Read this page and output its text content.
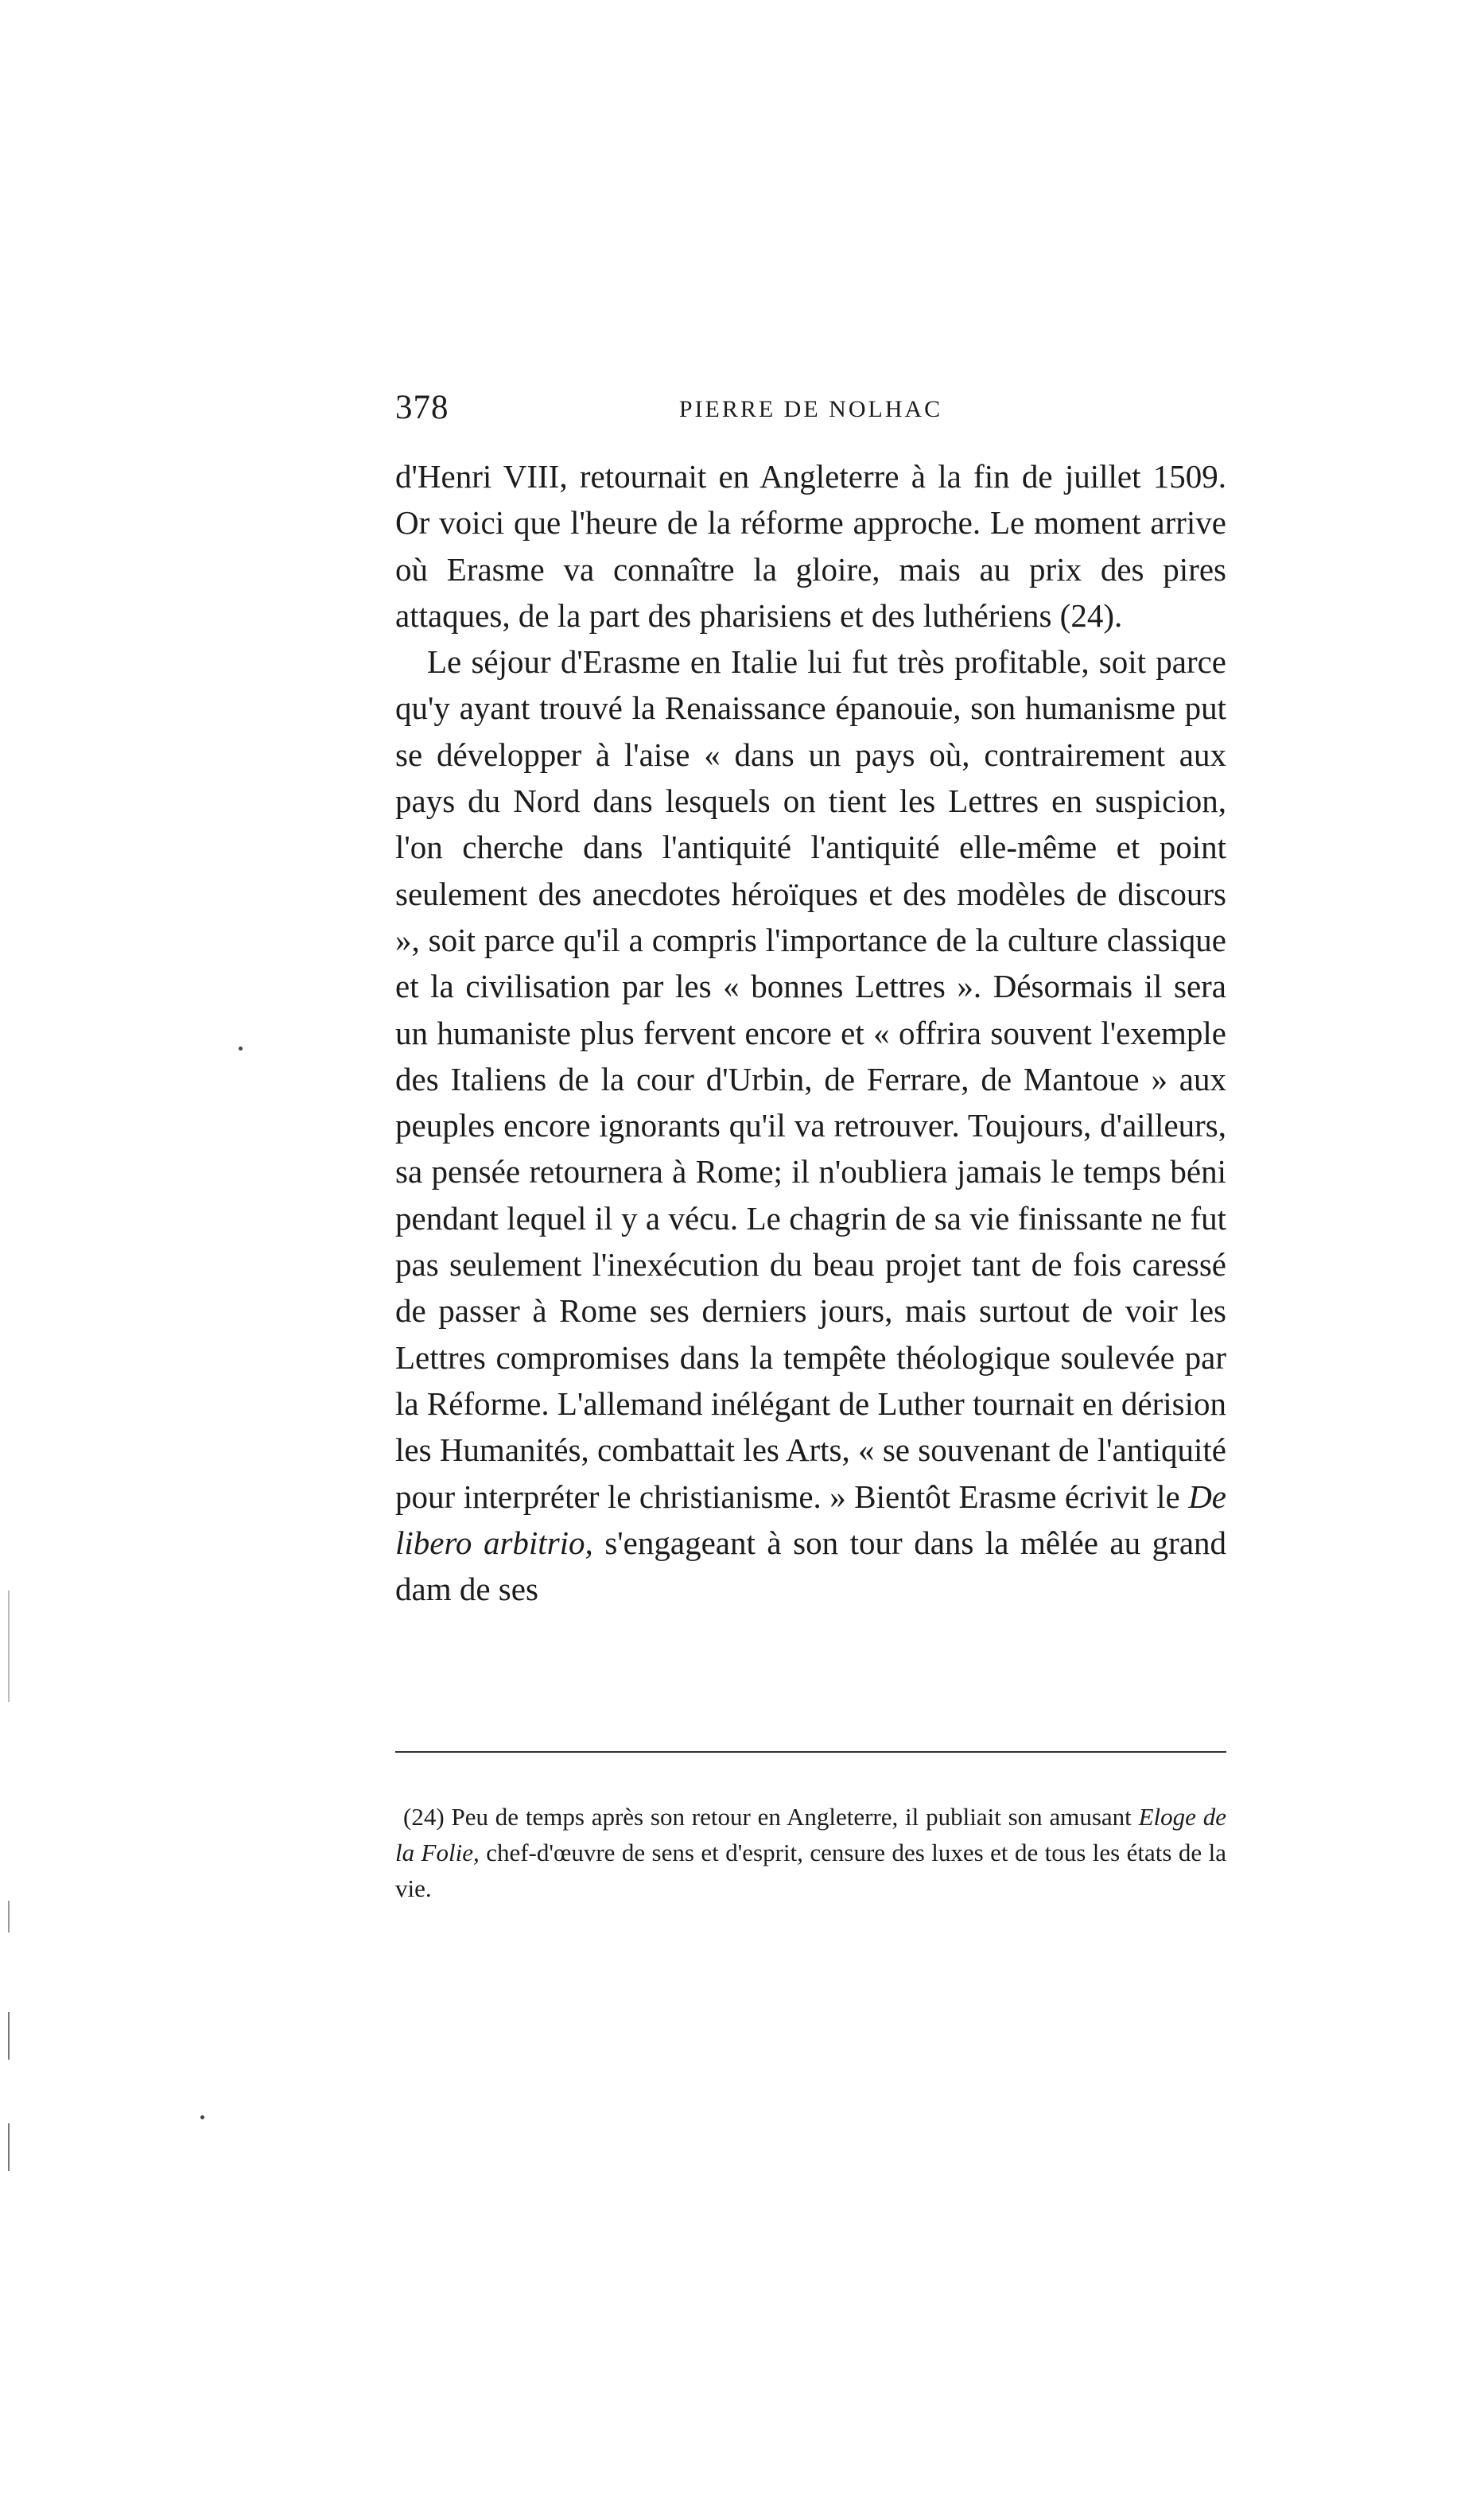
378	PIERRE DE NOLHAC

d'Henri VIII, retournait en Angleterre à la fin de juillet 1509. Or voici que l'heure de la réforme approche. Le moment arrive où Erasme va connaître la gloire, mais au prix des pires attaques, de la part des pharisiens et des luthériens (24).

Le séjour d'Erasme en Italie lui fut très profitable, soit parce qu'y ayant trouvé la Renaissance épanouie, son humanisme put se développer à l'aise « dans un pays où, contrairement aux pays du Nord dans lesquels on tient les Lettres en suspicion, l'on cherche dans l'antiquité l'antiquité elle-même et point seulement des anecdotes héroïques et des modèles de discours », soit parce qu'il a compris l'importance de la culture classique et la civilisation par les « bonnes Lettres ». Désormais il sera un humaniste plus fervent encore et « offrira souvent l'exemple des Italiens de la cour d'Urbin, de Ferrare, de Mantoue » aux peuples encore ignorants qu'il va retrouver. Toujours, d'ailleurs, sa pensée retournera à Rome; il n'oubliera jamais le temps béni pendant lequel il y a vécu. Le chagrin de sa vie finissante ne fut pas seulement l'inexécution du beau projet tant de fois caressé de passer à Rome ses derniers jours, mais surtout de voir les Lettres compromises dans la tempête théologique soulevée par la Réforme. L'allemand inélégant de Luther tournait en dérision les Humanités, combattait les Arts, « se souvenant de l'antiquité pour interpréter le christianisme. » Bientôt Erasme écrivit le De libero arbitrio, s'engageant à son tour dans la mêlée au grand dam de ses

(24) Peu de temps après son retour en Angleterre, il publiait son amusant Eloge de la Folie, chef-d'œuvre de sens et d'esprit, censure des luxes et de tous les états de la vie.
